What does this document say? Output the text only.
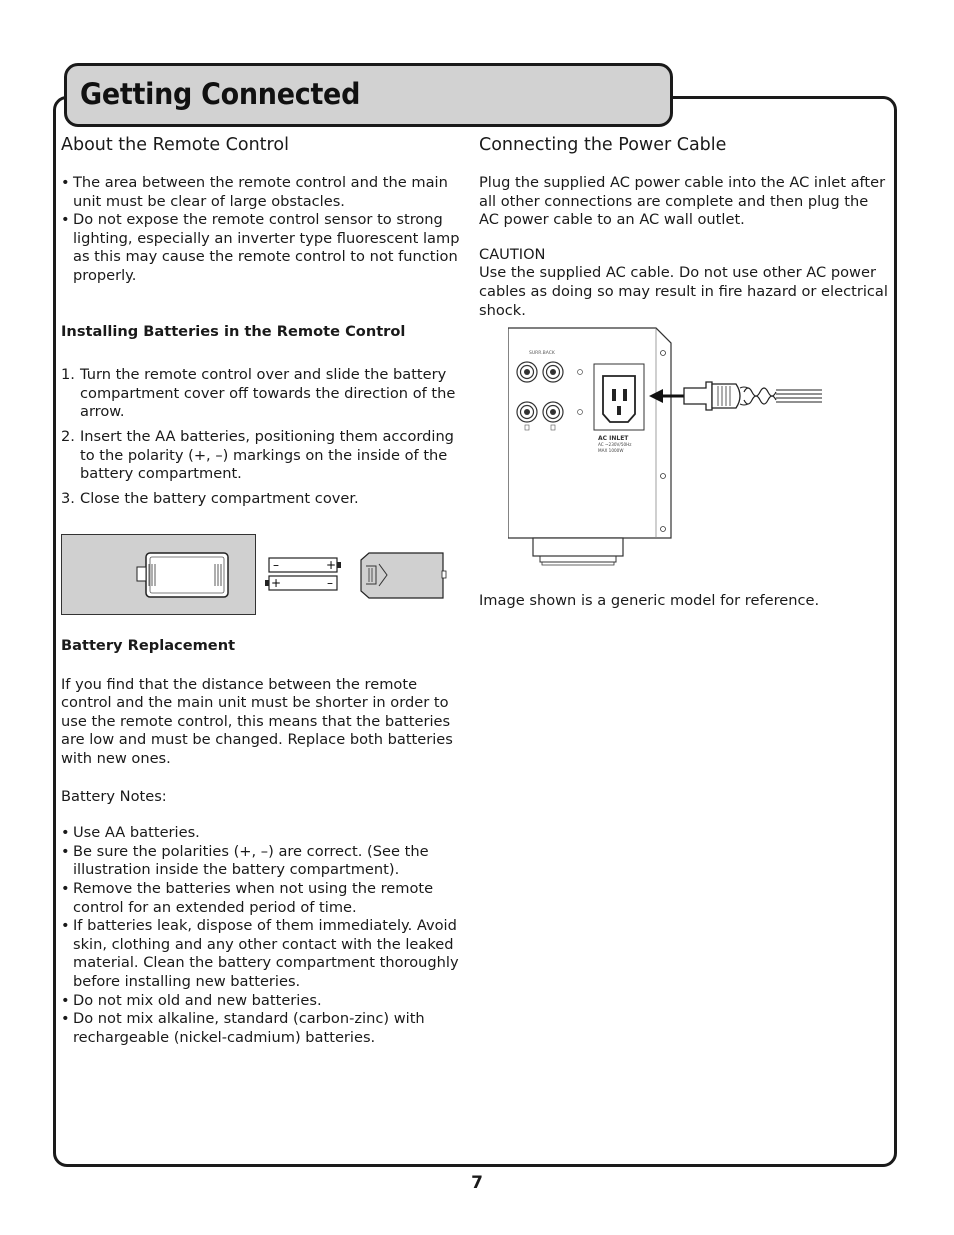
Getting Connected
About the Remote Control
• The area between the remote control and the main unit must be clear of large obstacles.
• Do not expose the remote control sensor to strong lighting, especially an inverter type fluorescent lamp as this may cause the remote control to not function properly.
Installing Batteries in the Remote Control
1. Turn the remote control over and slide the battery compartment cover off towards the direction of the arrow.
2. Insert the AA batteries, positioning them according to the polarity (+, –) markings on the inside of the battery compartment.
3. Close the battery compartment cover.
–	+
+	–
Battery Replacement

If you find that the distance between the remote control and the main unit must be shorter in order to use the remote control, this means that the batteries are low and must be changed. Replace both batteries with new ones.

Battery Notes:

• Use AA batteries.
• Be sure the polarities (+, –) are correct. (See the illustration inside the battery compartment).
• Remove the batteries when not using the remote control for an extended period of time.
• If batteries leak, dispose of them immediately. Avoid skin, clothing and any other contact with the leaked material. Clean the battery compartment thoroughly before installing new batteries.
• Do not mix old and new batteries.
• Do not mix alkaline, standard (carbon-zinc) with rechargeable (nickel-cadmium) batteries.
Connecting the Power Cable

Plug the supplied AC power cable into the AC inlet after all other connections are complete and then plug the AC power cable to an AC wall outlet.

CAUTION

Use the supplied AC cable. Do not use other AC power cables as doing so may result in fire hazard or electrical shock.

SURR.BACK
AC INLET
AC ~230V/50Hz
MAX 1000W

Image shown is a generic model for reference.

7
